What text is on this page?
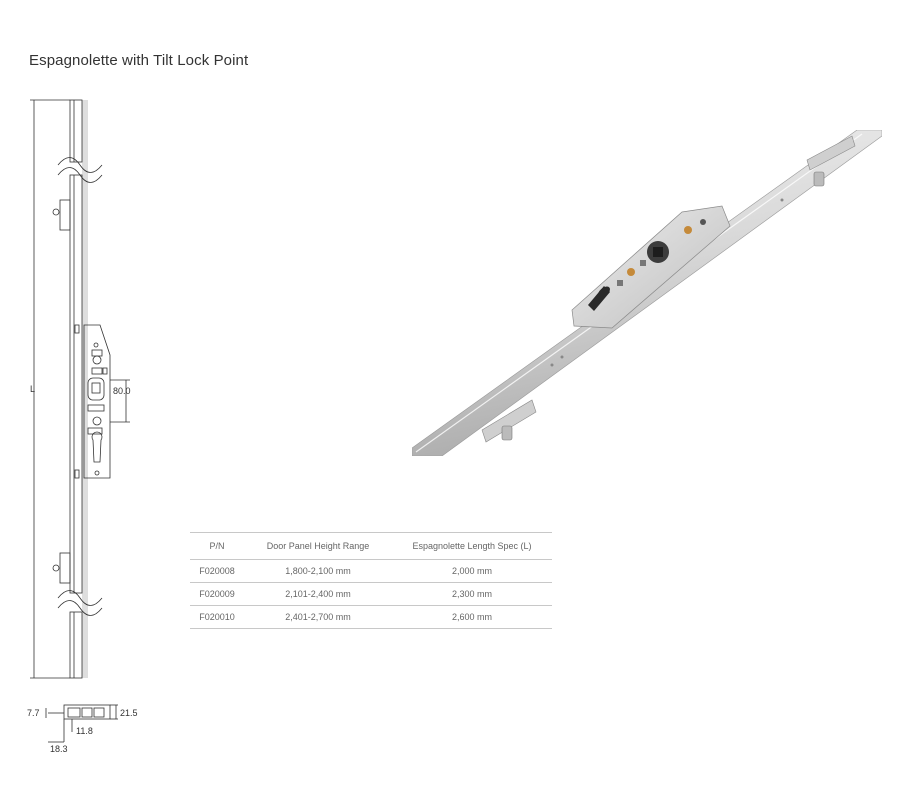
Espagnolette with Tilt Lock Point
L	80.0
7.7	21.5
11.8
18.3
P/N	Door Panel Height Range	Espagnolette Length Spec (L)
F020008	1,800-2,100 mm	2,000 mm
F020009	2,101-2,400 mm	2,300 mm
F020010	2,401-2,700 mm	2,600 mm
